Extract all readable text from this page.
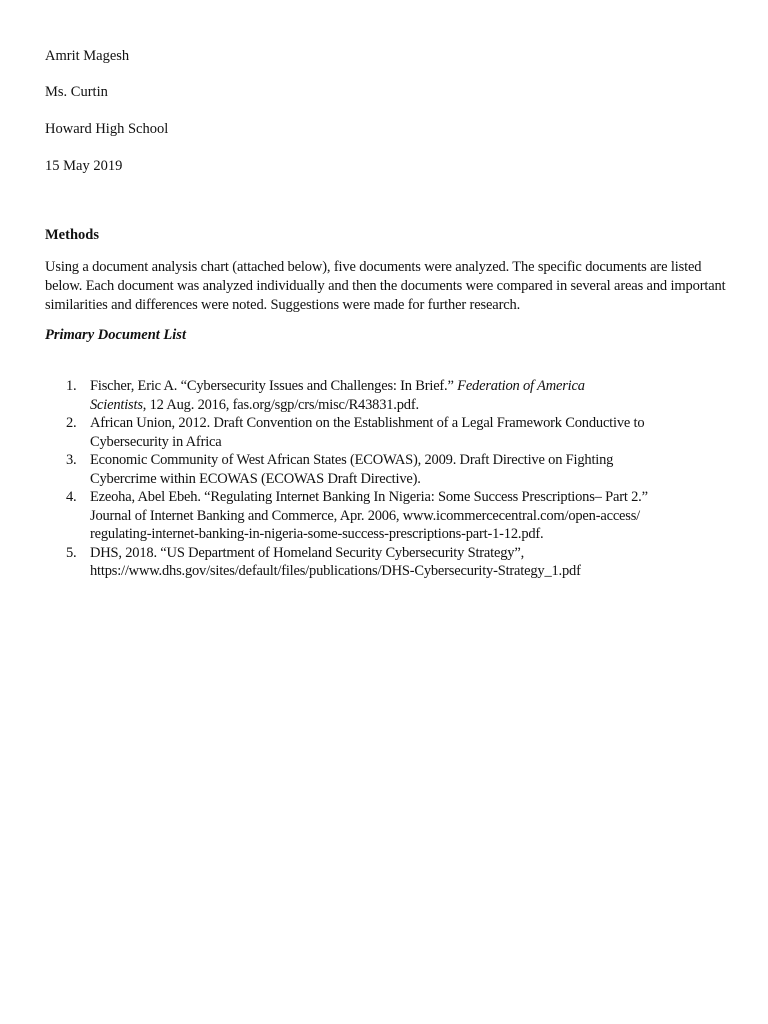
Amrit Magesh

Ms. Curtin

Howard High School

15 May 2019

Methods

Using a document analysis chart (attached below), five documents were analyzed. The specific documents are listed below. Each document was analyzed individually and then the documents were compared in several areas and important similarities and differences were noted. Suggestions were made for further research.

Primary Document List
1. Fischer, Eric A. “Cybersecurity Issues and Challenges: In Brief.” Federation of America
Scientists, 12 Aug. 2016, fas.org/sgp/crs/misc/R43831.pdf.
2. African Union, 2012. Draft Convention on the Establishment of a Legal Framework Conductive to
Cybersecurity in Africa
3. Economic Community of West African States (ECOWAS), 2009. Draft Directive on Fighting
Cybercrime within ECOWAS (ECOWAS Draft Directive).
4. Ezeoha, Abel Ebeh. “Regulating Internet Banking In Nigeria: Some Success Prescriptions– Part 2.”
Journal of Internet Banking and Commerce, Apr. 2006, www.icommercecentral.com/open-access/
regulating-internet-banking-in-nigeria-some-success-prescriptions-part-1-12.pdf.
5. DHS, 2018. “US Department of Homeland Security Cybersecurity Strategy”,
https://www.dhs.gov/sites/default/files/publications/DHS-Cybersecurity-Strategy_1.pdf
